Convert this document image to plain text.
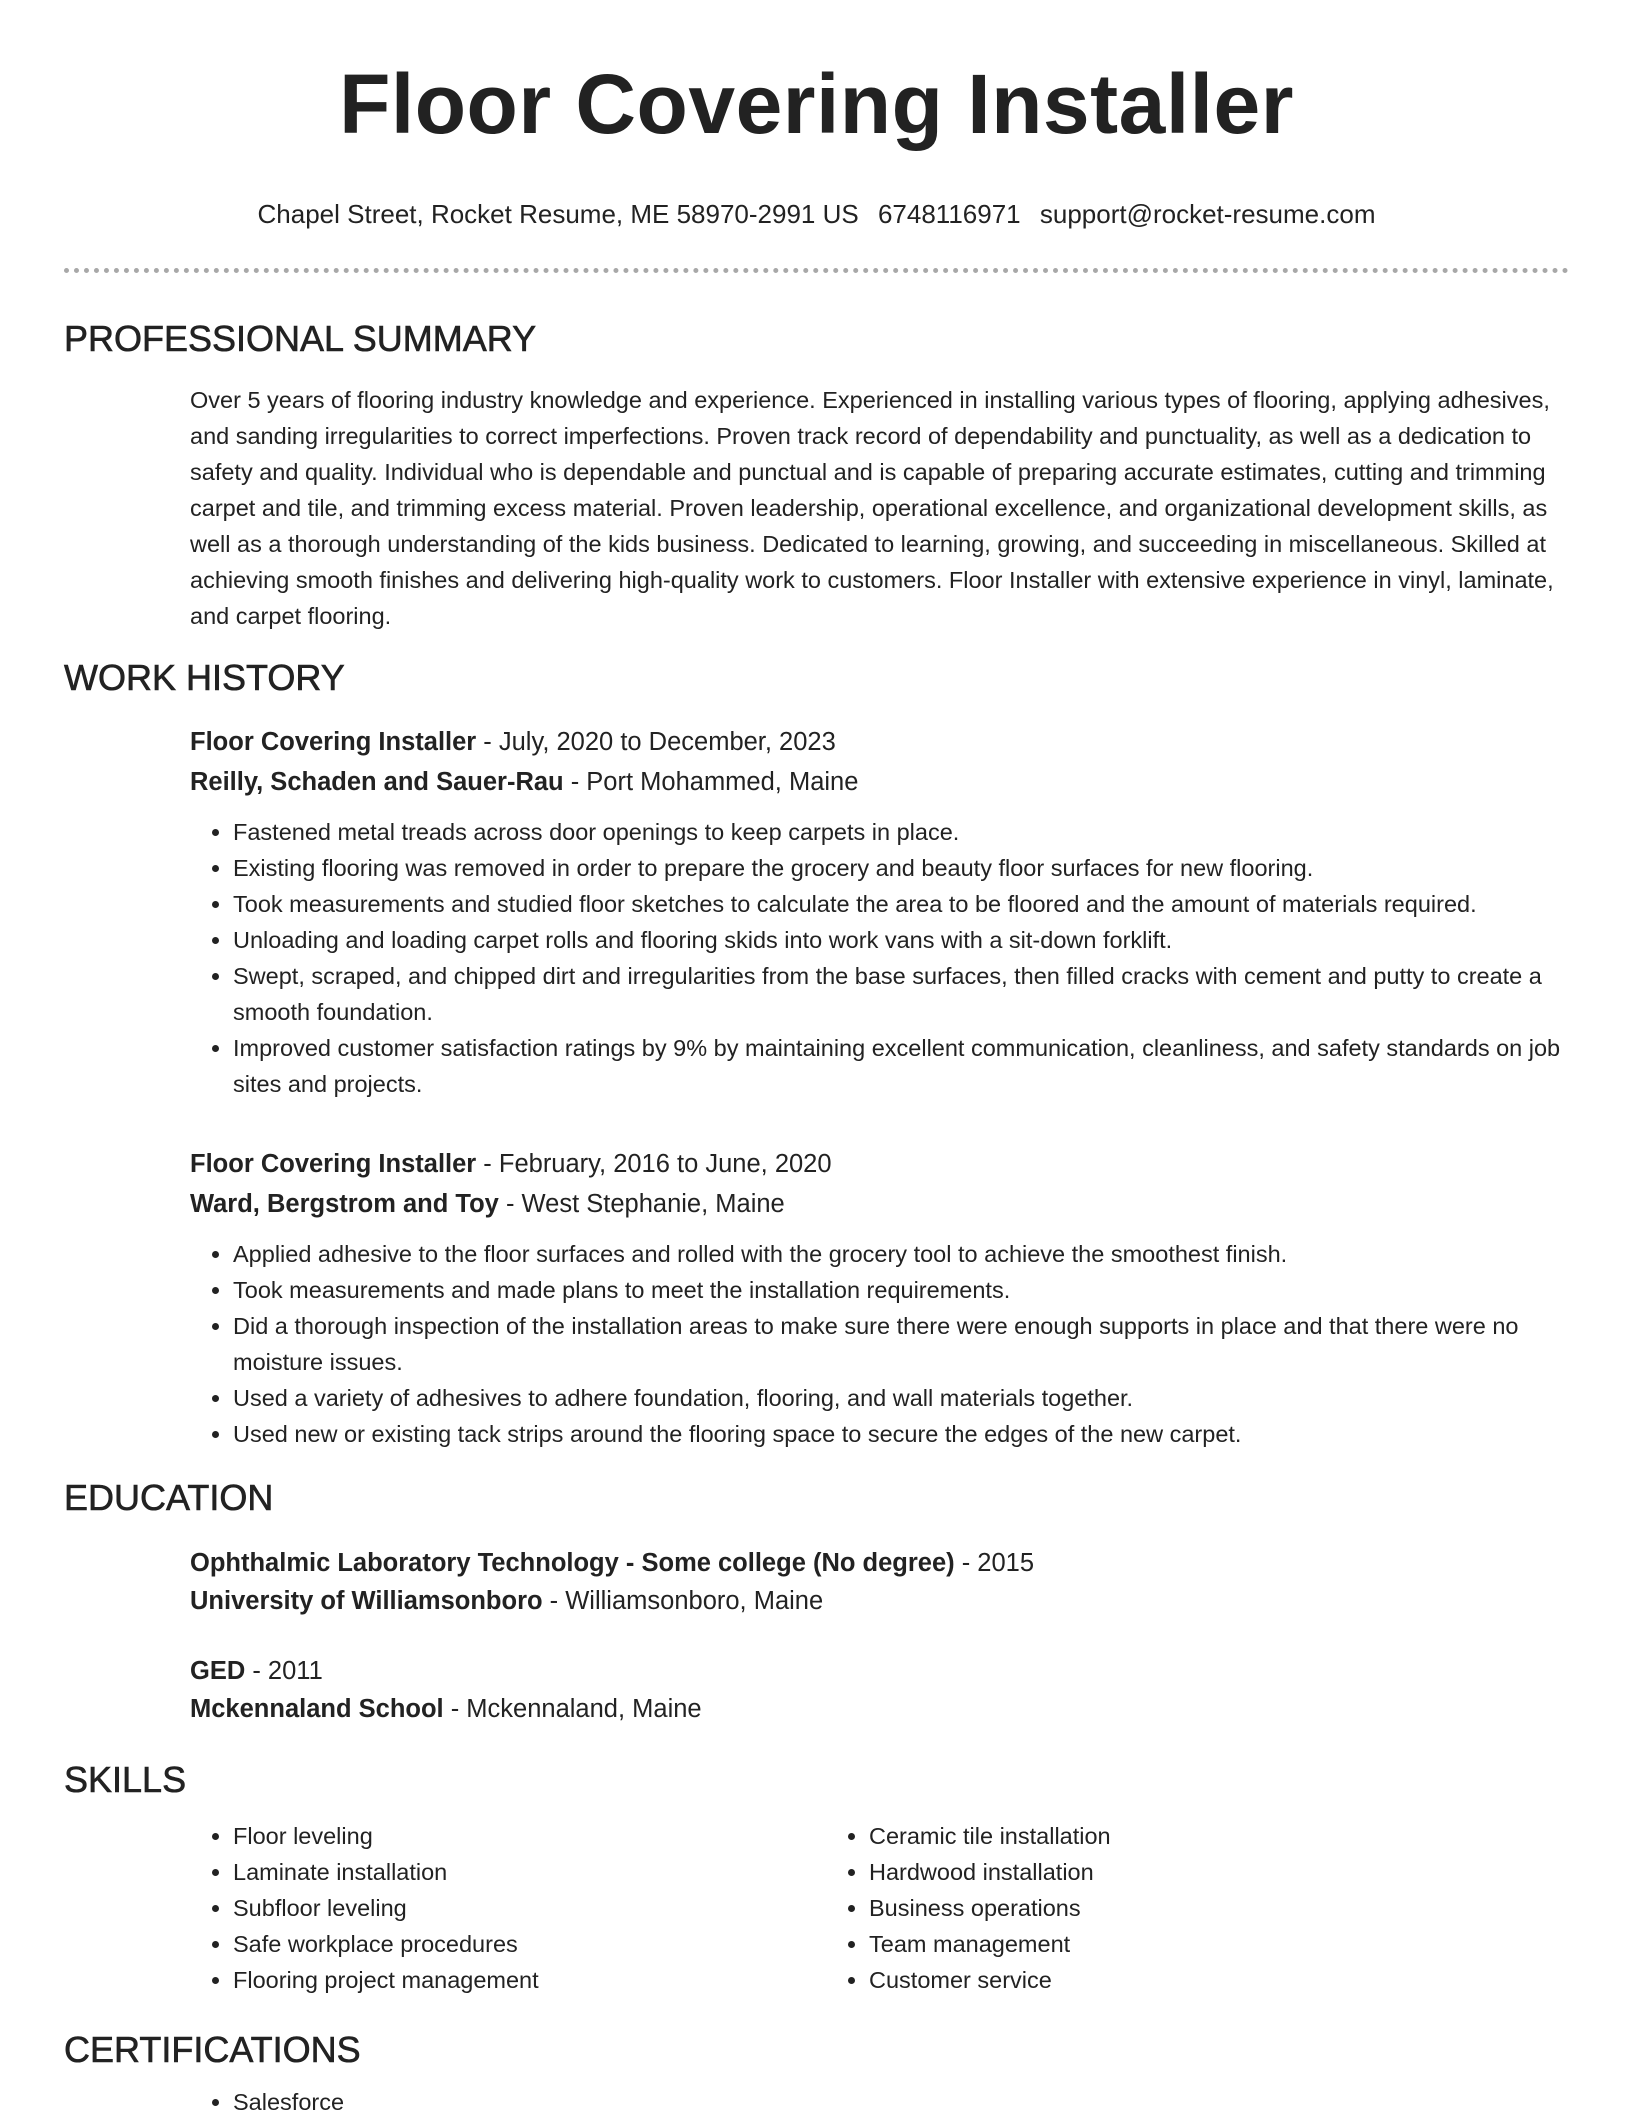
Floor Covering Installer
Chapel Street, Rocket Resume, ME 58970-2991 US 6748116971 support@rocket-resume.com
PROFESSIONAL SUMMARY
Over 5 years of flooring industry knowledge and experience. Experienced in installing various types of flooring, applying adhesives, and sanding irregularities to correct imperfections. Proven track record of dependability and punctuality, as well as a dedication to safety and quality. Individual who is dependable and punctual and is capable of preparing accurate estimates, cutting and trimming carpet and tile, and trimming excess material. Proven leadership, operational excellence, and organizational development skills, as well as a thorough understanding of the kids business. Dedicated to learning, growing, and succeeding in miscellaneous. Skilled at achieving smooth finishes and delivering high-quality work to customers. Floor Installer with extensive experience in vinyl, laminate, and carpet flooring.
WORK HISTORY
Floor Covering Installer - July, 2020 to December, 2023
Reilly, Schaden and Sauer-Rau - Port Mohammed, Maine
• Fastened metal treads across door openings to keep carpets in place.
• Existing flooring was removed in order to prepare the grocery and beauty floor surfaces for new flooring.
• Took measurements and studied floor sketches to calculate the area to be floored and the amount of materials required.
• Unloading and loading carpet rolls and flooring skids into work vans with a sit-down forklift.
• Swept, scraped, and chipped dirt and irregularities from the base surfaces, then filled cracks with cement and putty to create a smooth foundation.
• Improved customer satisfaction ratings by 9% by maintaining excellent communication, cleanliness, and safety standards on job sites and projects.
Floor Covering Installer - February, 2016 to June, 2020
Ward, Bergstrom and Toy - West Stephanie, Maine
• Applied adhesive to the floor surfaces and rolled with the grocery tool to achieve the smoothest finish.
• Took measurements and made plans to meet the installation requirements.
• Did a thorough inspection of the installation areas to make sure there were enough supports in place and that there were no moisture issues.
• Used a variety of adhesives to adhere foundation, flooring, and wall materials together.
• Used new or existing tack strips around the flooring space to secure the edges of the new carpet.
EDUCATION
Ophthalmic Laboratory Technology - Some college (No degree) - 2015
University of Williamsonboro - Williamsonboro, Maine
GED - 2011
Mckennaland School - Mckennaland, Maine
SKILLS
• Floor leveling
• Laminate installation
• Subfloor leveling
• Safe workplace procedures
• Flooring project management
• Ceramic tile installation
• Hardwood installation
• Business operations
• Team management
• Customer service
CERTIFICATIONS
• Salesforce
